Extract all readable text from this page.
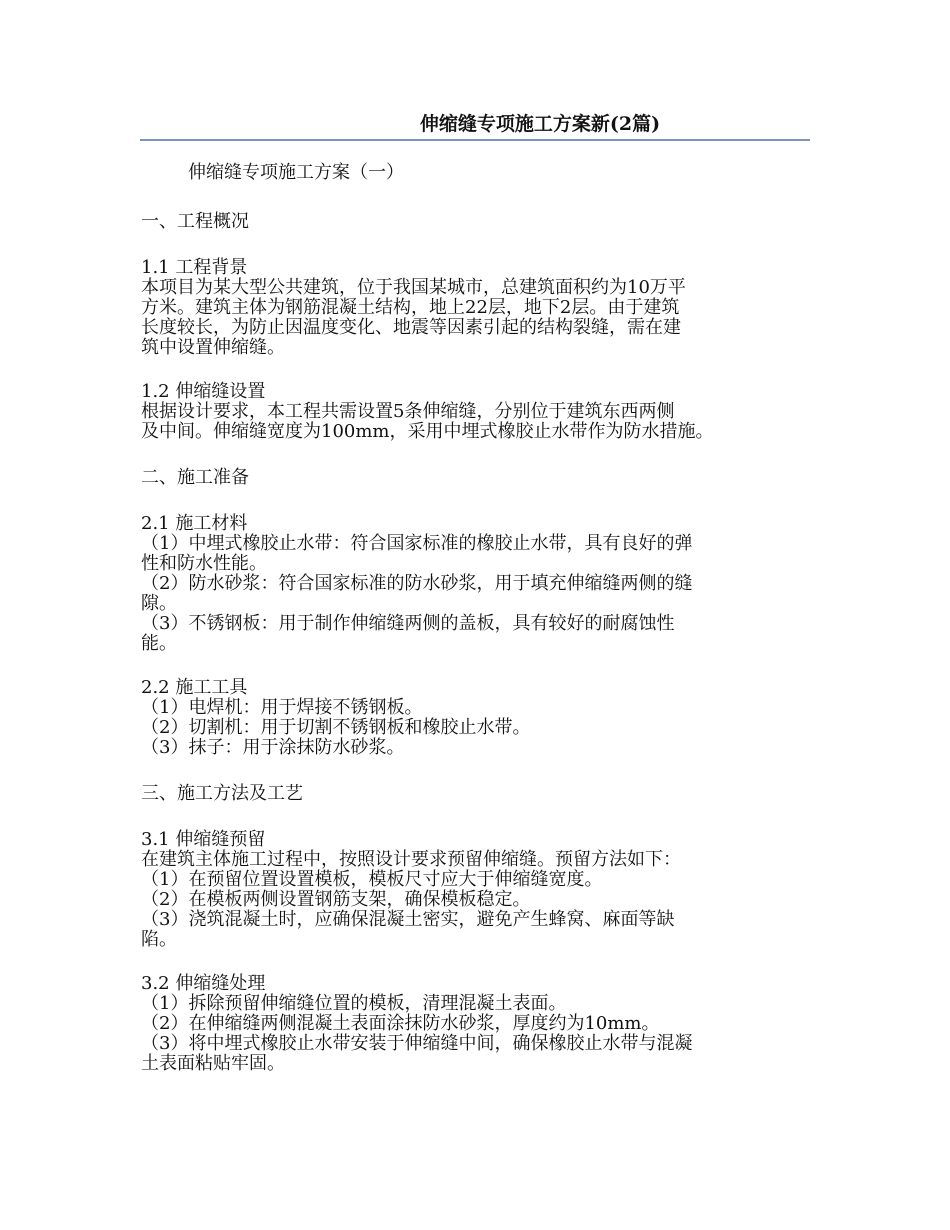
伸缩缝专项施工方案新(2篇)

伸缩缝专项施工方案（一）

一、工程概况

1.1 工程背景

本项目为某大型公共建筑，位于我国某城市，总建筑面积约为10万平
方米。建筑主体为钢筋混凝土结构，地上22层，地下2层。由于建筑
长度较长，为防止因温度变化、地震等因素引起的结构裂缝，需在建
筑中设置伸缩缝。

1.2 伸缩缝设置

根据设计要求，本工程共需设置5条伸缩缝，分别位于建筑东西两侧
及中间。伸缩缝宽度为100mm，采用中埋式橡胶止水带作为防水措施。

二、施工准备

2.1 施工材料

（1）中埋式橡胶止水带：符合国家标准的橡胶止水带，具有良好的弹
性和防水性能。
（2）防水砂浆：符合国家标准的防水砂浆，用于填充伸缩缝两侧的缝
隙。
（3）不锈钢板：用于制作伸缩缝两侧的盖板，具有较好的耐腐蚀性
能。

2.2 施工工具

（1）电焊机：用于焊接不锈钢板。
（2）切割机：用于切割不锈钢板和橡胶止水带。
（3）抹子：用于涂抹防水砂浆。

三、施工方法及工艺

3.1 伸缩缝预留

在建筑主体施工过程中，按照设计要求预留伸缩缝。预留方法如下：
（1）在预留位置设置模板，模板尺寸应大于伸缩缝宽度。
（2）在模板两侧设置钢筋支架，确保模板稳定。
（3）浇筑混凝土时，应确保混凝土密实，避免产生蜂窝、麻面等缺
陷。

3.2 伸缩缝处理

（1）拆除预留伸缩缝位置的模板，清理混凝土表面。
（2）在伸缩缝两侧混凝土表面涂抹防水砂浆，厚度约为10mm。
（3）将中埋式橡胶止水带安装于伸缩缝中间，确保橡胶止水带与混凝
土表面粘贴牢固。
